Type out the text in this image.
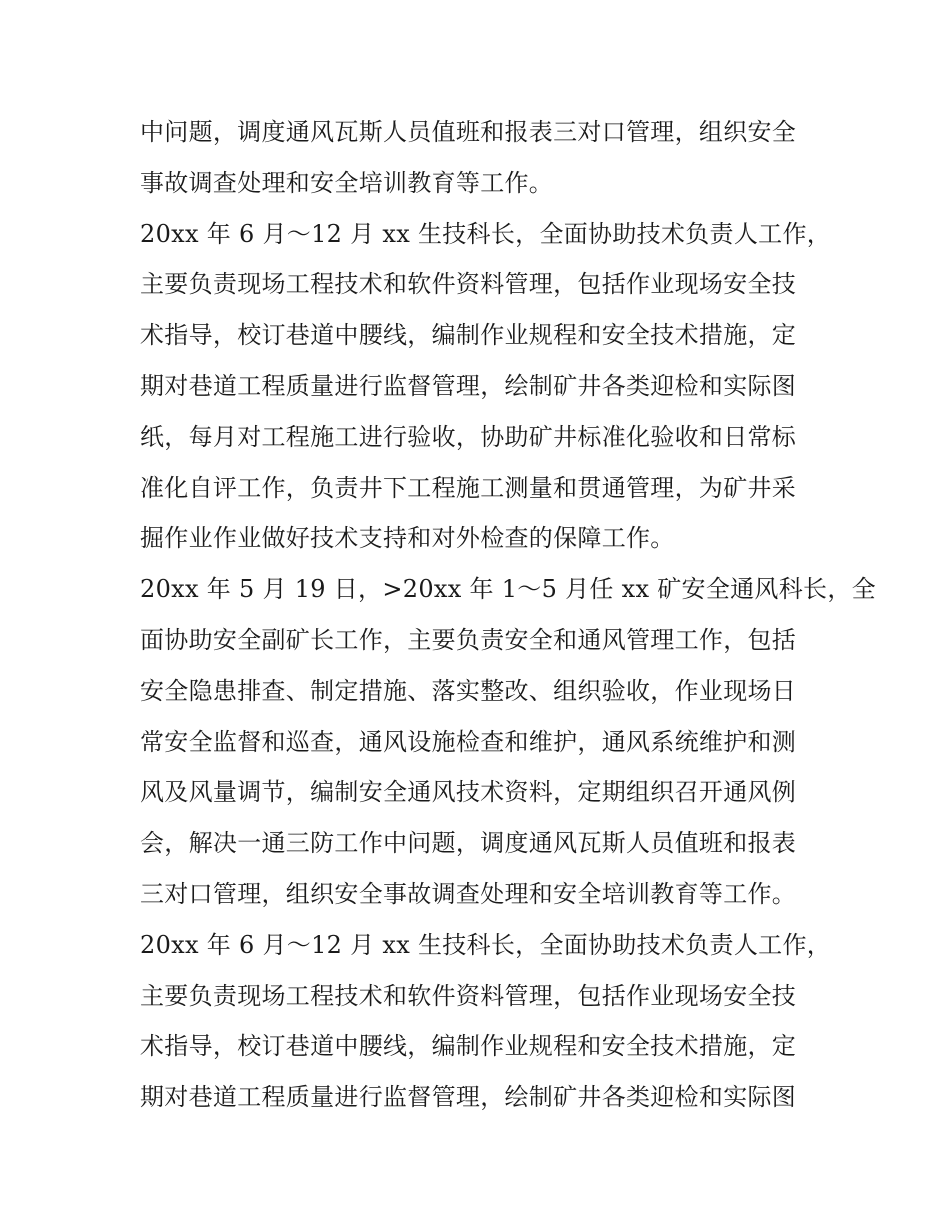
中问题，调度通风瓦斯人员值班和报表三对口管理，组织安全
事故调查处理和安全培训教育等工作。
20xx 年 6 月～12 月 xx 生技科长，全面协助技术负责人工作，
主要负责现场工程技术和软件资料管理，包括作业现场安全技
术指导，校订巷道中腰线，编制作业规程和安全技术措施，定
期对巷道工程质量进行监督管理，绘制矿井各类迎检和实际图
纸，每月对工程施工进行验收，协助矿井标准化验收和日常标
准化自评工作，负责井下工程施工测量和贯通管理，为矿井采
掘作业作业做好技术支持和对外检查的保障工作。
20xx 年 5 月 19 日，>20xx 年 1～5 月任 xx 矿安全通风科长，全
面协助安全副矿长工作，主要负责安全和通风管理工作，包括
安全隐患排查、制定措施、落实整改、组织验收，作业现场日
常安全监督和巡查，通风设施检查和维护，通风系统维护和测
风及风量调节，编制安全通风技术资料，定期组织召开通风例
会，解决一通三防工作中问题，调度通风瓦斯人员值班和报表
三对口管理，组织安全事故调查处理和安全培训教育等工作。
20xx 年 6 月～12 月 xx 生技科长，全面协助技术负责人工作，
主要负责现场工程技术和软件资料管理，包括作业现场安全技
术指导，校订巷道中腰线，编制作业规程和安全技术措施，定
期对巷道工程质量进行监督管理，绘制矿井各类迎检和实际图
